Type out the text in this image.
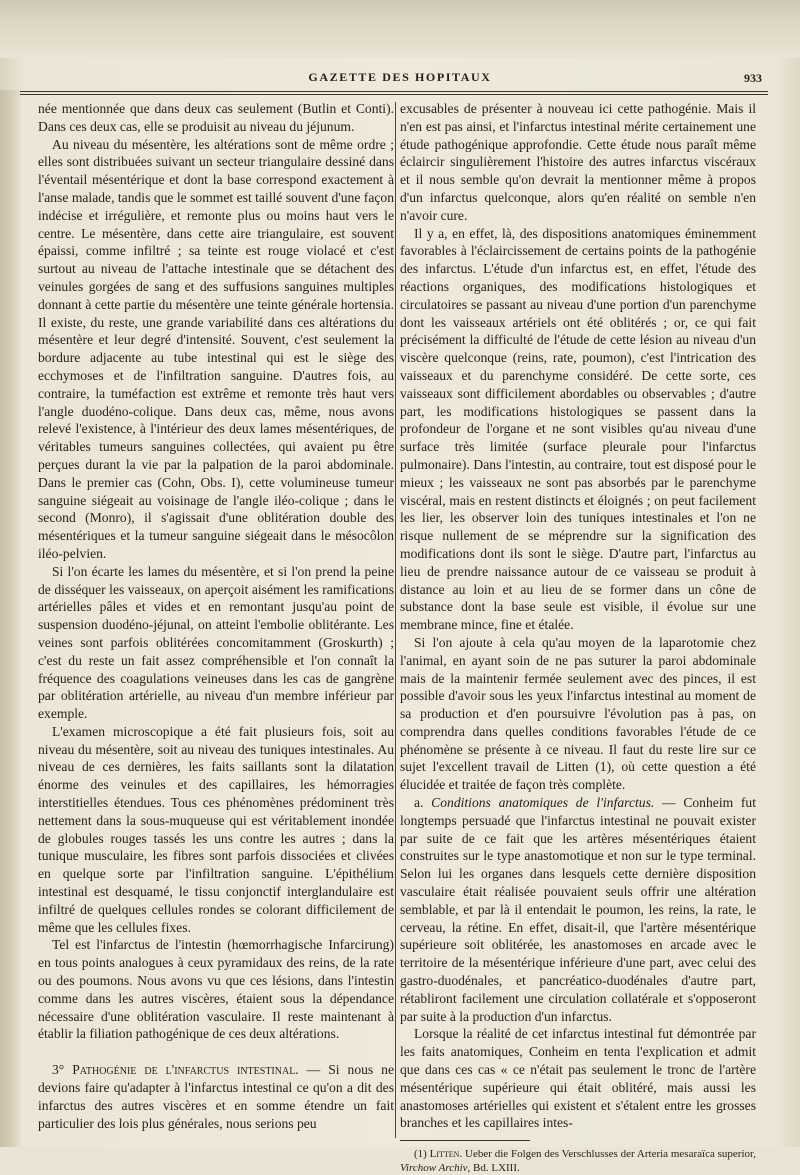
GAZETTE DES HOPITAUX	933

née mentionnée que dans deux cas seulement (Butlin et Conti). Dans ces deux cas, elle se produisit au niveau du jéjunum.

Au niveau du mésentère, les altérations sont de même ordre ; elles sont distribuées suivant un secteur triangulaire dessiné dans l'éventail mésentérique et dont la base correspond exactement à l'anse malade, tandis que le sommet est taillé souvent d'une façon indécise et irrégulière, et remonte plus ou moins haut vers le centre. Le mésentère, dans cette aire triangulaire, est souvent épaissi, comme infiltré ; sa teinte est rouge violacé et c'est surtout au niveau de l'attache intestinale que se détachent des veinules gorgées de sang et des suffusions sanguines multiples donnant à cette partie du mésentère une teinte générale hortensia. Il existe, du reste, une grande variabilité dans ces altérations du mésentère et leur degré d'intensité. Souvent, c'est seulement la bordure adjacente au tube intestinal qui est le siège des ecchymoses et de l'infiltration sanguine. D'autres fois, au contraire, la tuméfaction est extrême et remonte très haut vers l'angle duodéno-colique. Dans deux cas, même, nous avons relevé l'existence, à l'intérieur des deux lames mésentériques, de véritables tumeurs sanguines collectées, qui avaient pu être perçues durant la vie par la palpation de la paroi abdominale. Dans le premier cas (Cohn, Obs. I), cette volumineuse tumeur sanguine siégeait au voisinage de l'angle iléo-colique ; dans le second (Monro), il s'agissait d'une oblitération double des mésentériques et la tumeur sanguine siégeait dans le mésocôlon iléo-pelvien.

Si l'on écarte les lames du mésentère, et si l'on prend la peine de disséquer les vaisseaux, on aperçoit aisément les ramifications artérielles pâles et vides et en remontant jusqu'au point de suspension duodéno-jéjunal, on atteint l'embolie oblitérante. Les veines sont parfois oblitérées concomitamment (Groskurth) ; c'est du reste un fait assez compréhensible et l'on connaît la fréquence des coagulations veineuses dans les cas de gangrène par oblitération artérielle, au niveau d'un membre inférieur par exemple.

L'examen microscopique a été fait plusieurs fois, soit au niveau du mésentère, soit au niveau des tuniques intestinales. Au niveau de ces dernières, les faits saillants sont la dilatation énorme des veinules et des capillaires, les hémorragies interstitielles étendues. Tous ces phénomènes prédominent très nettement dans la sous-muqueuse qui est véritablement inondée de globules rouges tassés les uns contre les autres ; dans la tunique musculaire, les fibres sont parfois dissociées et clivées en quelque sorte par l'infiltration sanguine. L'épithélium intestinal est desquamé, le tissu conjonctif interglandulaire est infiltré de quelques cellules rondes se colorant difficilement de même que les cellules fixes.

Tel est l'infarctus de l'intestin (hœmorrhagische Infarcirung) en tous points analogues à ceux pyramidaux des reins, de la rate ou des poumons. Nous avons vu que ces lésions, dans l'intestin comme dans les autres viscères, étaient sous la dépendance nécessaire d'une oblitération vasculaire. Il reste maintenant à établir la filiation pathogénique de ces deux altérations.

3° Pathogénie de l'infarctus intestinal. — Si nous ne devions faire qu'adapter à l'infarctus intestinal ce qu'on a dit des infarctus des autres viscères et en somme étendre un fait particulier des lois plus générales, nous serions peu

excusables de présenter à nouveau ici cette pathogénie. Mais il n'en est pas ainsi, et l'infarctus intestinal mérite certainement une étude pathogénique approfondie. Cette étude nous paraît même éclaircir singulièrement l'histoire des autres infarctus viscéraux et il nous semble qu'on devrait la mentionner même à propos d'un infarctus quelconque, alors qu'en réalité on semble n'en n'avoir cure.

Il y a, en effet, là, des dispositions anatomiques éminemment favorables à l'éclaircissement de certains points de la pathogénie des infarctus. L'étude d'un infarctus est, en effet, l'étude des réactions organiques, des modifications histologiques et circulatoires se passant au niveau d'une portion d'un parenchyme dont les vaisseaux artériels ont été oblitérés ; or, ce qui fait précisément la difficulté de l'étude de cette lésion au niveau d'un viscère quelconque (reins, rate, poumon), c'est l'intrication des vaisseaux et du parenchyme considéré. De cette sorte, ces vaisseaux sont difficilement abordables ou observables ; d'autre part, les modifications histologiques se passent dans la profondeur de l'organe et ne sont visibles qu'au niveau d'une surface très limitée (surface pleurale pour l'infarctus pulmonaire). Dans l'intestin, au contraire, tout est disposé pour le mieux ; les vaisseaux ne sont pas absorbés par le parenchyme viscéral, mais en restent distincts et éloignés ; on peut facilement les lier, les observer loin des tuniques intestinales et l'on ne risque nullement de se méprendre sur la signification des modifications dont ils sont le siège. D'autre part, l'infarctus au lieu de prendre naissance autour de ce vaisseau se produit à distance au loin et au lieu de se former dans un cône de substance dont la base seule est visible, il évolue sur une membrane mince, fine et étalée.

Si l'on ajoute à cela qu'au moyen de la laparotomie chez l'animal, en ayant soin de ne pas suturer la paroi abdominale mais de la maintenir fermée seulement avec des pinces, il est possible d'avoir sous les yeux l'infarctus intestinal au moment de sa production et d'en poursuivre l'évolution pas à pas, on comprendra dans quelles conditions favorables l'étude de ce phénomène se présente à ce niveau. Il faut du reste lire sur ce sujet l'excellent travail de Litten (1), où cette question a été élucidée et traitée de façon très complète.

a. Conditions anatomiques de l'infarctus. — Conheim fut longtemps persuadé que l'infarctus intestinal ne pouvait exister par suite de ce fait que les artères mésentériques étaient construites sur le type anastomotique et non sur le type terminal. Selon lui les organes dans lesquels cette dernière disposition vasculaire était réalisée pouvaient seuls offrir une altération semblable, et par là il entendait le poumon, les reins, la rate, le cerveau, la rétine. En effet, disait-il, que l'artère mésentérique supérieure soit oblitérée, les anastomoses en arcade avec le territoire de la mésentérique inférieure d'une part, avec celui des gastro-duodénales, et pancréatico-duodénales d'autre part, rétabliront facilement une circulation collatérale et s'opposeront par suite à la production d'un infarctus.

Lorsque la réalité de cet infarctus intestinal fut démontrée par les faits anatomiques, Conheim en tenta l'explication et admit que dans ces cas « ce n'était pas seulement le tronc de l'artère mésentérique supérieure qui était oblitéré, mais aussi les anastomoses artérielles qui existent et s'étalent entre les grosses branches et les capillaires intes-

(1) Litten. Ueber die Folgen des Verschlusses der Arteria mesaraïca superior, Virchow Archiv, Bd. LXIII.
